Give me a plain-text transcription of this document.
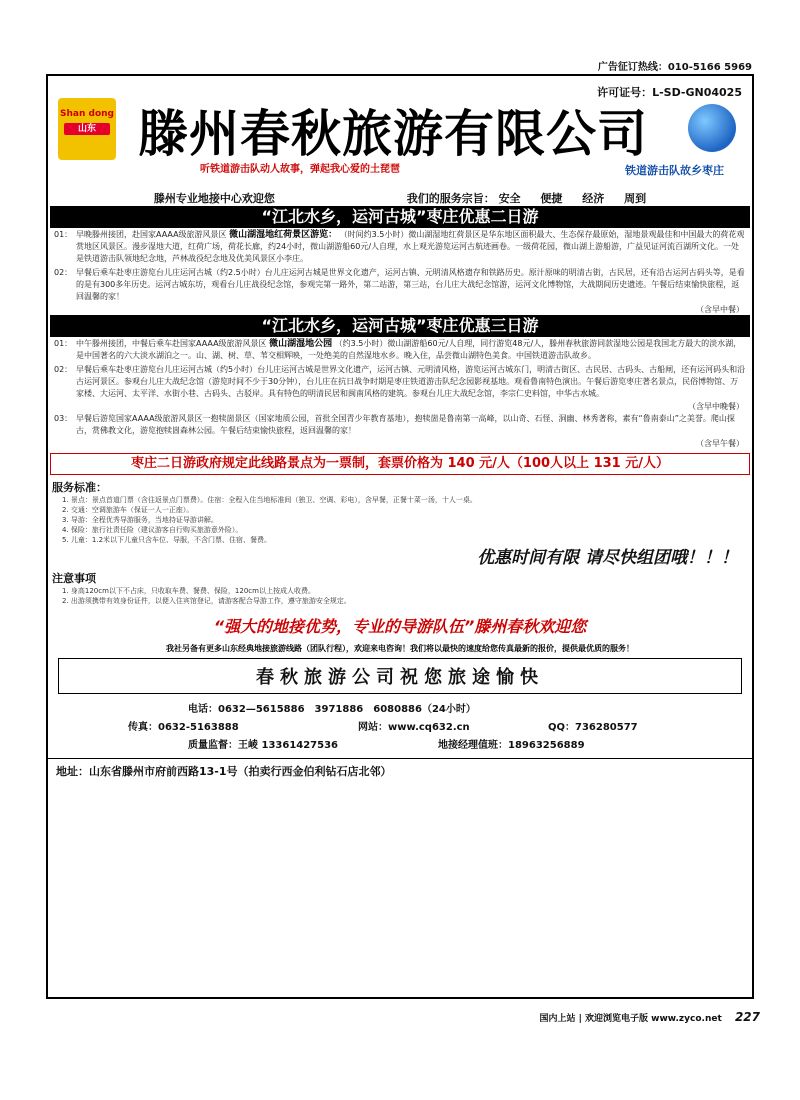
广告征订热线：010-5166 5969
Shan dong
山东
许可证号：L-SD-GN04025
滕州春秋旅游有限公司
听铁道游击队动人故事，弹起我心爱的土琵琶	铁道游击队故乡枣庄
滕州专业地接中心欢迎您	我们的服务宗旨： 安全 便捷 经济 周到
“江北水乡，运河古城”枣庄优惠二日游
01： 早晚滕州接团，赴国家AAAA级旅游风景区 微山湖湿地红荷景区游览： （时间约3.5小时）微山湖湿地红荷景区是华东地区面积最大、生态保存最原始，湿地景观最佳和中国最大的荷花观赏地区风景区。漫步湿地大道，红荷广场，荷花长廊，约24小时，微山湖游船60元/人自理，水上观光游览运河古航迹画卷。一级荷花园，微山湖上游船游，广益见证河流百湖所文化。一处是铁道游击队领地纪念地，芦林战役纪念地及优美风景区小李庄。
02： 早餐后乘车赴枣庄游览台儿庄运河古城（约2.5小时）台儿庄运河古城是世界文化遗产，运河古镇、元明清风格遗存和铁路历史。原汁原味的明清古街，古民居，还有沿古运河古码头等，是看的是有300多年历史。运河古城东坊，观看台儿庄战役纪念馆，参观完第一路外，第二站游，第三站，台儿庄大战纪念馆游，运河文化博物馆，大战期间历史遗迹。午餐后结束愉快旅程，返回温馨的家！
（含早中餐）
“江北水乡，运河古城”枣庄优惠三日游
01： 中午滕州接团，中餐后乘车赴国家AAAA级旅游风景区 微山湖湿地公园 （约3.5小时）微山湖游船60元/人自理，同行游览48元/人，滕州春秋旅游同款湿地公园是我国北方最大的淡水湖，是中国著名的六大淡水湖泊之一。山、湖、树、草、苇交相辉映，一处绝美的自然湿地水乡。晚入住，品尝微山湖特色美食。中国铁道游击队故乡。
02： 早餐后乘车赴枣庄游览台儿庄运河古城（约5小时）台儿庄运河古城是世界文化遗产，运河古镇、元明清风格，游览运河古城东门，明清古街区、古民居、古码头、古船闸，还有运河码头和沿古运河景区。参观台儿庄大战纪念馆（游览时间不少于30分钟），台儿庄在抗日战争时期是枣庄铁道游击队纪念园影视基地。观看鲁南特色演出。午餐后游览枣庄著名景点，民俗博物馆、万家楼、大运河、太平洋、水街小巷、古码头、古驳岸。具有特色的明清民居和闽南风格的建筑。参观台儿庄大战纪念馆，李宗仁史料馆，中华古水城。
（含早中晚餐）
03： 早餐后游览国家AAAA级旅游风景区一抱犊崮景区（国家地质公园，首批全国青少年教育基地），抱犊崮是鲁南第一高峰，以山奇、石怪、洞幽、林秀著称，素有“鲁南泰山”之美誉。爬山探古，赏佛教文化，游览抱犊崮森林公园。午餐后结束愉快旅程，返回温馨的家！
（含早午餐）
枣庄二日游政府规定此线路景点为一票制，套票价格为 140 元/人（100人以上 131 元/人）
服务标准：
1. 景点：景点首道门票（含往返景点门票费）。住宿：全程入住当地标准间（独卫、空调、彩电），含早餐，正餐十菜一汤，十人一桌。
2. 交通：空调旅游车（保证一人一正座）。
3. 导游：全程优秀导游服务，当地持证导游讲解。
4. 保险：旅行社责任险（建议游客自行购买旅游意外险）。
5. 儿童：1.2米以下儿童只含车位、导服，不含门票、住宿、餐费。
优惠时间有限 请尽快组团哦！！！
注意事项
1. 身高120cm以下不占床，只收取车费、餐费、保险，120cm以上按成人收费。
2. 出游须携带有效身份证件，以便入住宾馆登记，请游客配合导游工作，遵守旅游安全规定。
“强大的地接优势，专业的导游队伍”滕州春秋欢迎您
我社另备有更多山东经典地接旅游线路（团队行程），欢迎来电咨询！我们将以最快的速度给您传真最新的报价，提供最优质的服务！
春秋旅游公司祝您旅途愉快
电话：0632—5615886　3971886　6080886（24小时）
传真：0632-5163888	网站：www.cq632.cn	QQ：736280577
质量监督：王崚 13361427536	地接经理值班：18963256889
地址：山东省滕州市府前西路13-1号（拍卖行西金伯利钻石店北邻）
国内上站 | 欢迎浏览电子版 www.zyco.net 227
